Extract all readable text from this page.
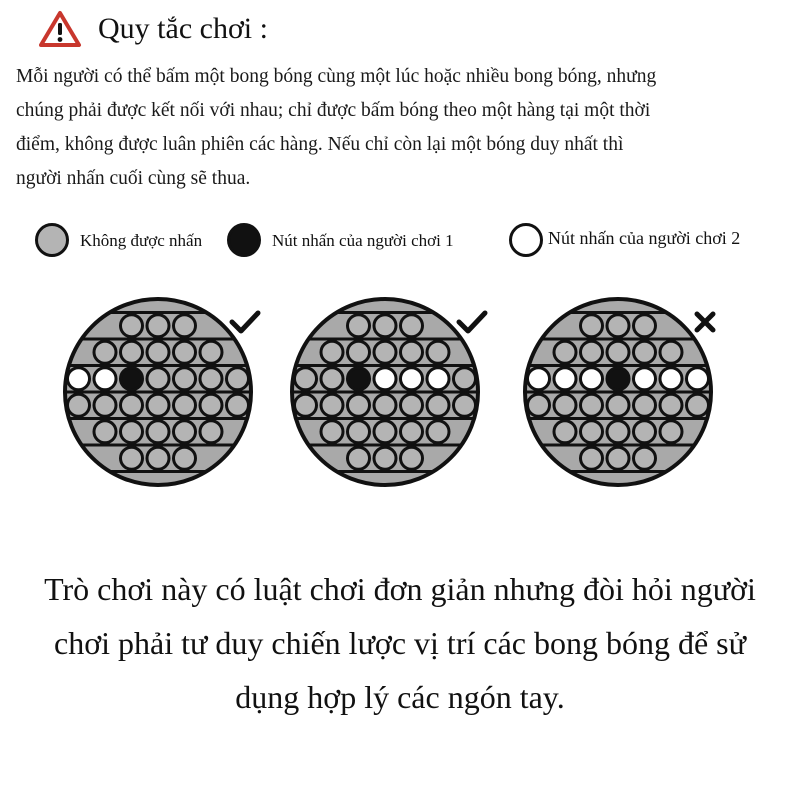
Quy tắc chơi :
Mỗi người có thể bấm một bong bóng cùng một lúc hoặc nhiều bong bóng, nhưng
chúng phải được kết nối với nhau; chỉ được bấm bóng theo một hàng tại một thời
điểm, không được luân phiên các hàng. Nếu chỉ còn lại một bóng duy nhất thì
người nhấn cuối cùng sẽ thua.
Không được nhấn	Nút nhấn của người chơi 1	Nút nhấn của người chơi 2
Trò chơi này có luật chơi đơn giản nhưng đòi hỏi người
chơi phải tư duy chiến lược vị trí các bong bóng để sử
dụng hợp lý các ngón tay.
